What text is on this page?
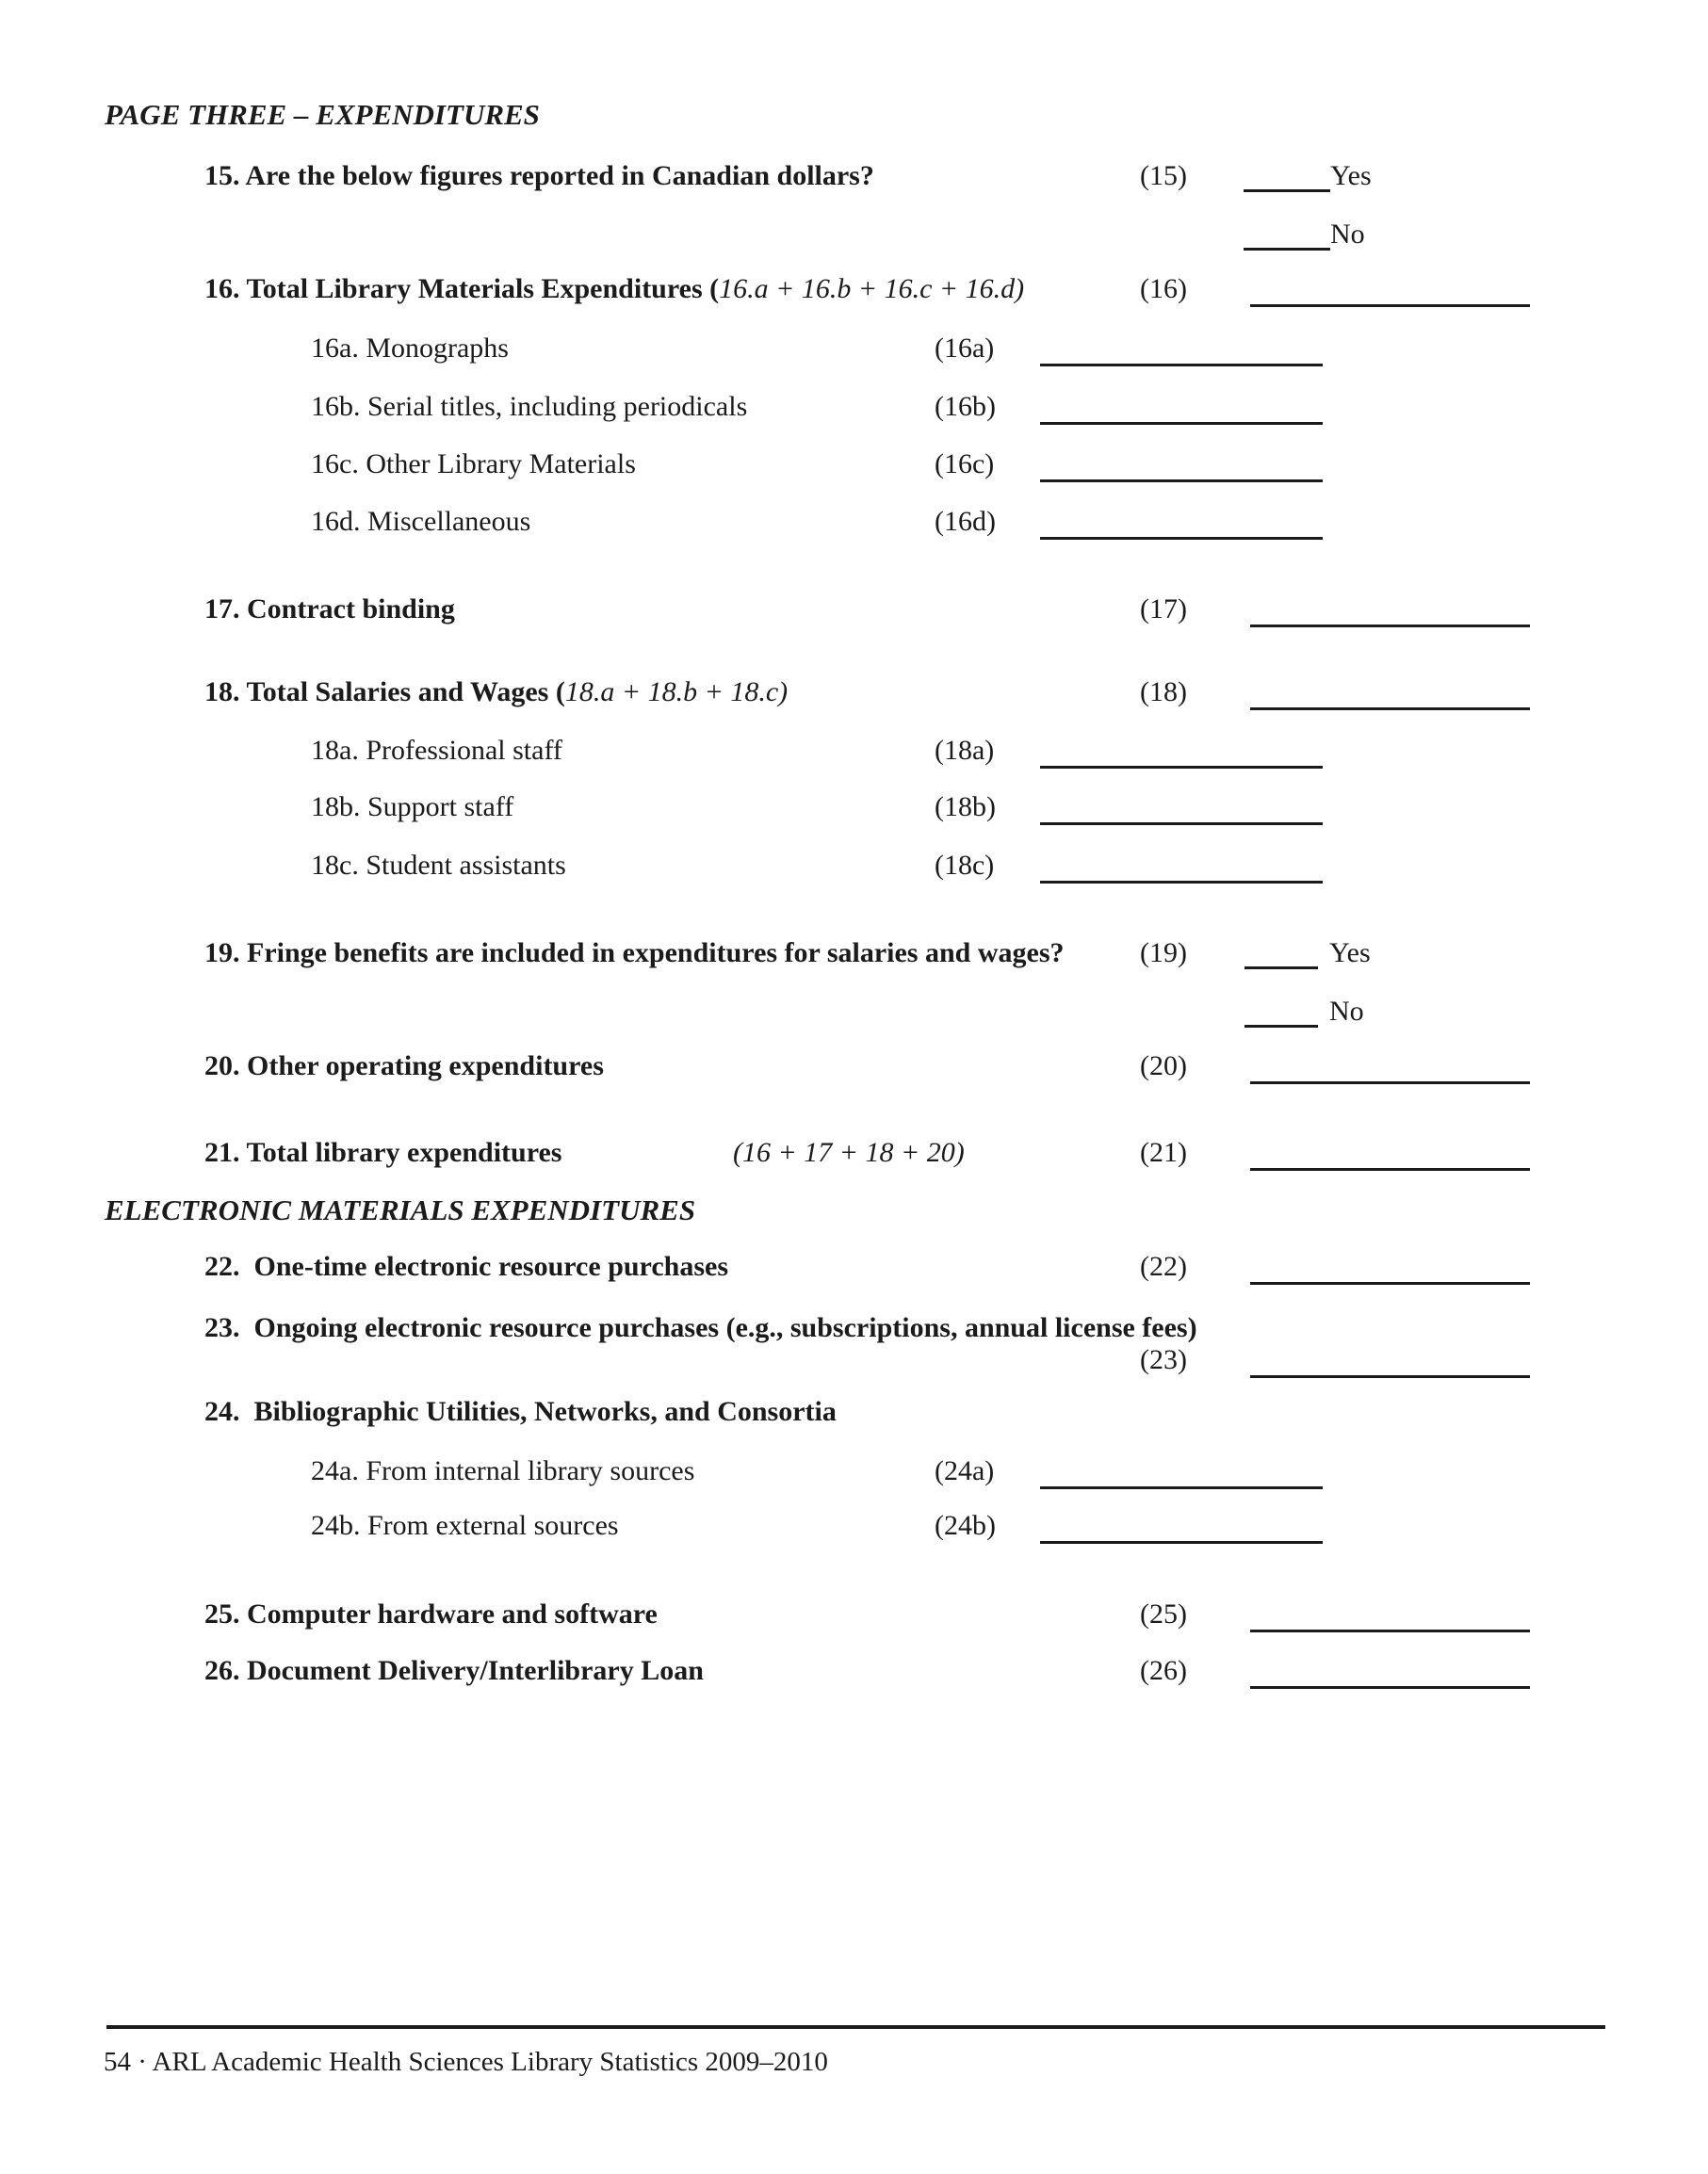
PAGE THREE – EXPENDITURES
15. Are the below figures reported in Canadian dollars?	(15)	Yes
No
16. Total Library Materials Expenditures (16.a + 16.b + 16.c + 16.d)	(16)
16a. Monographs	(16a)
16b. Serial titles, including periodicals	(16b)
16c. Other Library Materials	(16c)
16d. Miscellaneous	(16d)
17. Contract binding	(17)
18. Total Salaries and Wages (18.a + 18.b + 18.c)	(18)
18a. Professional staff	(18a)
18b. Support staff	(18b)
18c. Student assistants	(18c)
19. Fringe benefits are included in expenditures for salaries and wages?	(19)	Yes
No
20. Other operating expenditures	(20)
21. Total library expenditures	(16 + 17 + 18 + 20)	(21)
ELECTRONIC MATERIALS EXPENDITURES
22.  One-time electronic resource purchases	(22)
23.  Ongoing electronic resource purchases (e.g., subscriptions, annual license fees)
(23)
24.  Bibliographic Utilities, Networks, and Consortia
24a. From internal library sources	(24a)
24b. From external sources	(24b)
25. Computer hardware and software	(25)
26. Document Delivery/Interlibrary Loan	(26)
54 · ARL Academic Health Sciences Library Statistics 2009–2010
